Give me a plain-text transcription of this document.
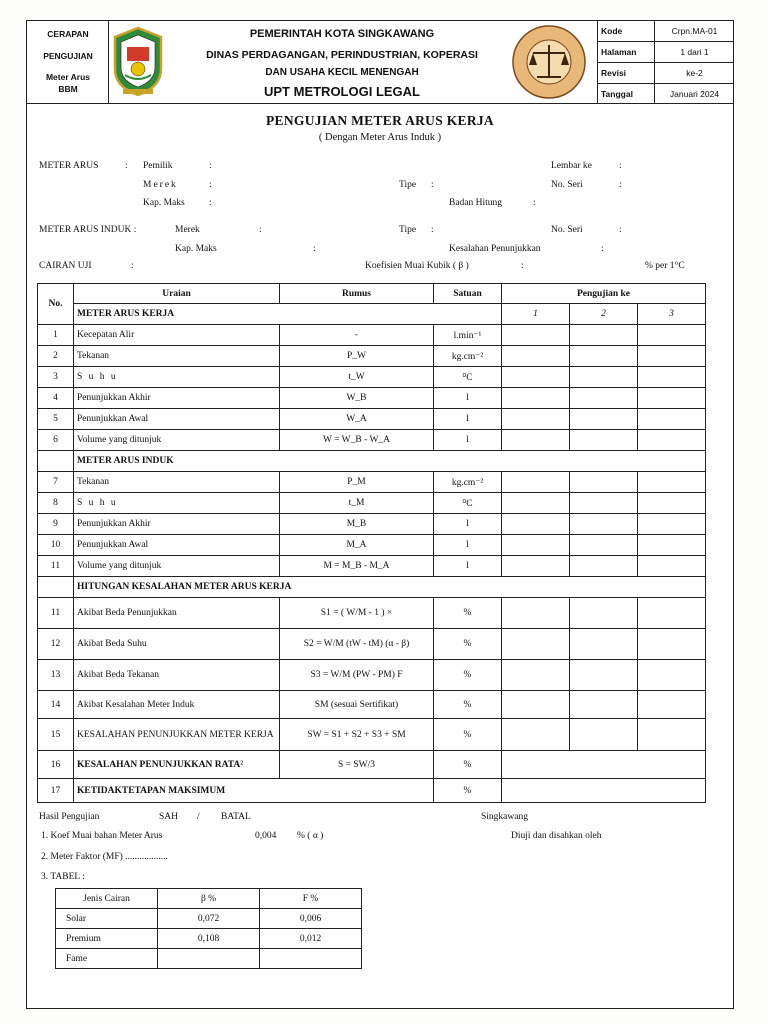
CERAPAN
PENGUJIAN
Meter Arus
BBM
PEMERINTAH KOTA SINGKAWANG
DINAS PERDAGANGAN, PERINDUSTRIAN, KOPERASI
DAN USAHA KECIL MENENGAH
UPT METROLOGI LEGAL
Kode	Crpn.MA-01
Halaman	1 dari 1
Revisi	ke-2
Tanggal	Januari 2024
PENGUJIAN METER ARUS KERJA
( Dengan Meter Arus Induk )
METER ARUS	: Pemilik	:	Lembar ke	:
Merek	:	Tipe :	No. Seri	:
Kap. Maks	:	Badan Hitung	:
METER ARUS INDUK :	Merek	:	Tipe :	No. Seri	:
Kap. Maks	:	Kesalahan Penunjukkan	:
CAIRAN UJI	:	Koefisien Muai Kubik ( β )	:	% per 1°C
No.	Uraian	Rumus	Satuan	Pengujian ke		
	METER ARUS KERJA			1	2	3
1	Kecepatan Alir	-	l.min⁻¹			
2	Tekanan	P_W	kg.cm⁻²			
3	S u h u	t_W	⁰C			
4	Penunjukkan Akhir	W_B	l			
5	Penunjukkan Awal	W_A	l			
6	Volume yang ditunjuk	W = W_B - W_A	l			
	METER ARUS INDUK					
7	Tekanan	P_M	kg.cm⁻²			
8	S u h u	t_M	⁰C			
9	Penunjukkan Akhir	M_B	l			
10	Penunjukkan Awal	M_A	l			
11	Volume yang ditunjuk	M = M_B - M_A	l			
	HITUNGAN KESALAHAN METER ARUS KERJA					
11	Akibat Beda Penunjukkan	S1 = ( W/M - 1 ) ×	%			
12	Akibat Beda Suhu	S2 = W/M (tW - tM) (α - β)	%			
13	Akibat Beda Tekanan	S3 = W/M (PW - PM) F	%			
14	Akibat Kesalahan Meter Induk	SM (sesuai Sertifikat)	%			
15	KESALAHAN PENUNJUKKAN METER KERJA	SW = S1 + S2 + S3 + SM	%			
16	KESALAHAN PENUNJUKKAN RATA²	S = SW/3	%			
17	KETIDAKTETAPAN MAKSIMUM		%			
Hasil Pengujian	SAH / BATAL	Singkawang
1. Koef Muai bahan Meter Arus	0,004 % ( α )	Diuji dan disahkan oleh
2. Meter Faktor (MF) ..................
3. TABEL :
Jenis Cairan	β %	F %
Solar	0,072	0,006
Premium	0,108	0,012
Fame		
